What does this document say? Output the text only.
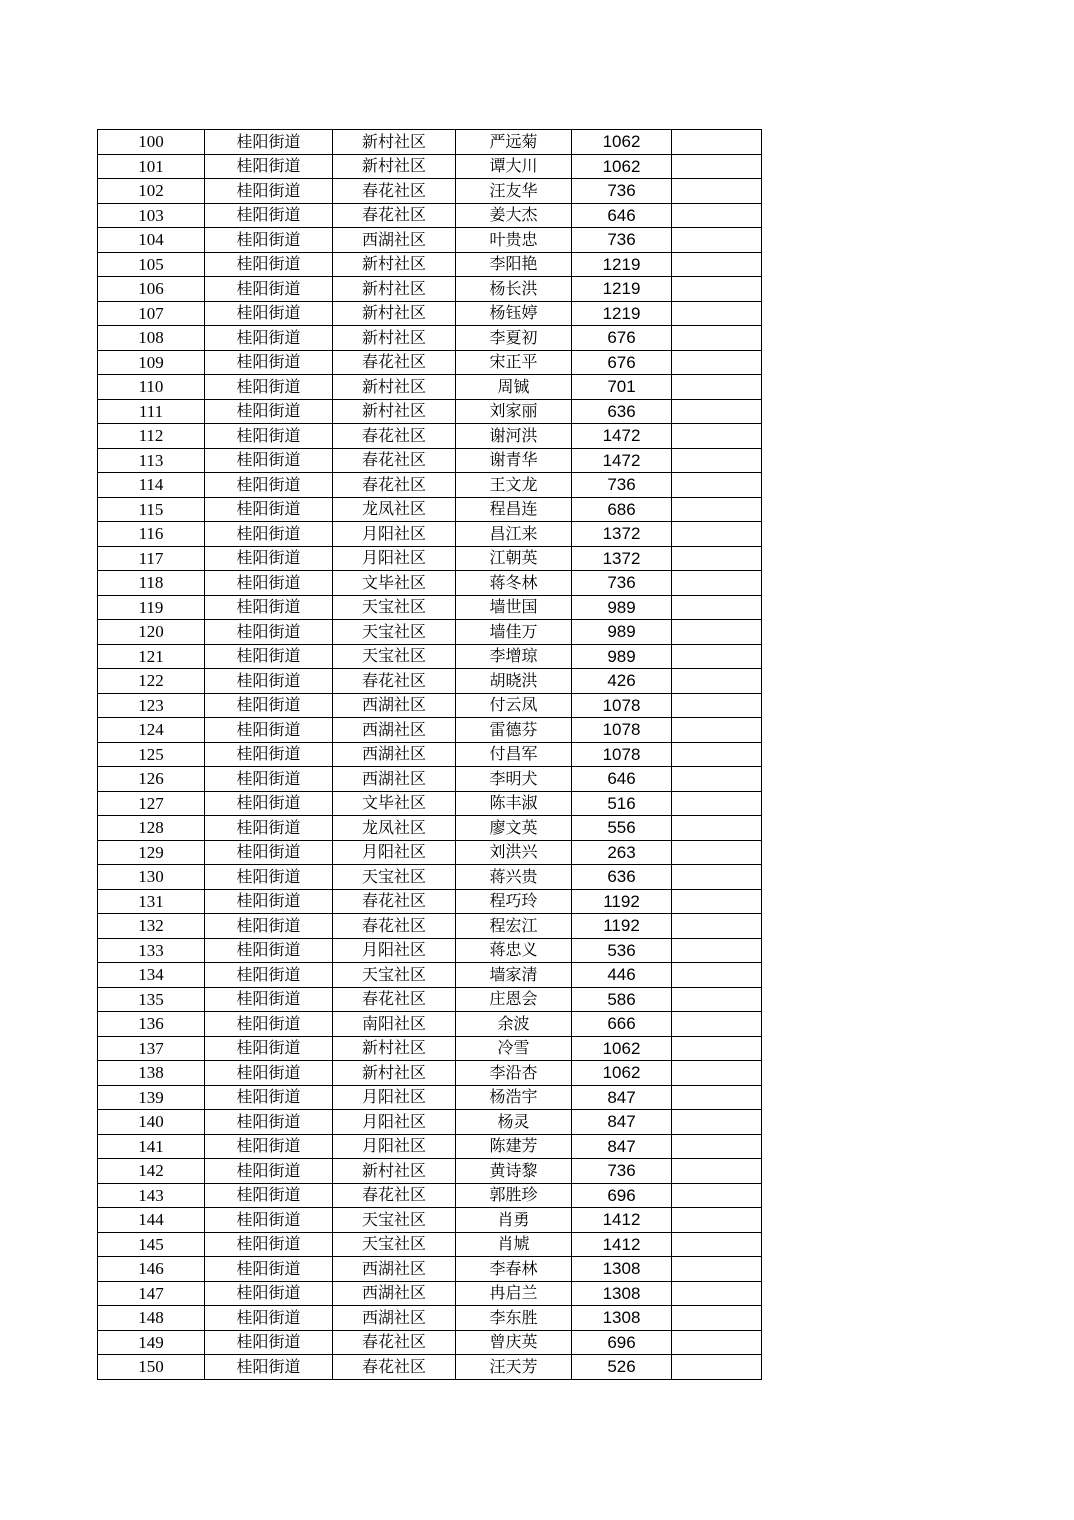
100	桂阳街道	新村社区	严远菊	1062	
101	桂阳街道	新村社区	谭大川	1062	
102	桂阳街道	春花社区	汪友华	736	
103	桂阳街道	春花社区	姜大杰	646	
104	桂阳街道	西湖社区	叶贵忠	736	
105	桂阳街道	新村社区	李阳艳	1219	
106	桂阳街道	新村社区	杨长洪	1219	
107	桂阳街道	新村社区	杨钰婷	1219	
108	桂阳街道	新村社区	李夏初	676	
109	桂阳街道	春花社区	宋正平	676	
110	桂阳街道	新村社区	周铖	701	
111	桂阳街道	新村社区	刘家丽	636	
112	桂阳街道	春花社区	谢河洪	1472	
113	桂阳街道	春花社区	谢青华	1472	
114	桂阳街道	春花社区	王文龙	736	
115	桂阳街道	龙凤社区	程昌连	686	
116	桂阳街道	月阳社区	昌江来	1372	
117	桂阳街道	月阳社区	江朝英	1372	
118	桂阳街道	文毕社区	蒋冬林	736	
119	桂阳街道	天宝社区	墙世国	989	
120	桂阳街道	天宝社区	墙佳万	989	
121	桂阳街道	天宝社区	李增琼	989	
122	桂阳街道	春花社区	胡晓洪	426	
123	桂阳街道	西湖社区	付云凤	1078	
124	桂阳街道	西湖社区	雷德芬	1078	
125	桂阳街道	西湖社区	付昌军	1078	
126	桂阳街道	西湖社区	李明犬	646	
127	桂阳街道	文毕社区	陈丰淑	516	
128	桂阳街道	龙凤社区	廖文英	556	
129	桂阳街道	月阳社区	刘洪兴	263	
130	桂阳街道	天宝社区	蒋兴贵	636	
131	桂阳街道	春花社区	程巧玲	1192	
132	桂阳街道	春花社区	程宏江	1192	
133	桂阳街道	月阳社区	蒋忠义	536	
134	桂阳街道	天宝社区	墙家清	446	
135	桂阳街道	春花社区	庄恩会	586	
136	桂阳街道	南阳社区	余波	666	
137	桂阳街道	新村社区	冷雪	1062	
138	桂阳街道	新村社区	李沿杏	1062	
139	桂阳街道	月阳社区	杨浩宇	847	
140	桂阳街道	月阳社区	杨灵	847	
141	桂阳街道	月阳社区	陈建芳	847	
142	桂阳街道	新村社区	黄诗黎	736	
143	桂阳街道	春花社区	郭胜珍	696	
144	桂阳街道	天宝社区	肖勇	1412	
145	桂阳街道	天宝社区	肖虓	1412	
146	桂阳街道	西湖社区	李春林	1308	
147	桂阳街道	西湖社区	冉启兰	1308	
148	桂阳街道	西湖社区	李东胜	1308	
149	桂阳街道	春花社区	曾庆英	696	
150	桂阳街道	春花社区	汪天芳	526	
